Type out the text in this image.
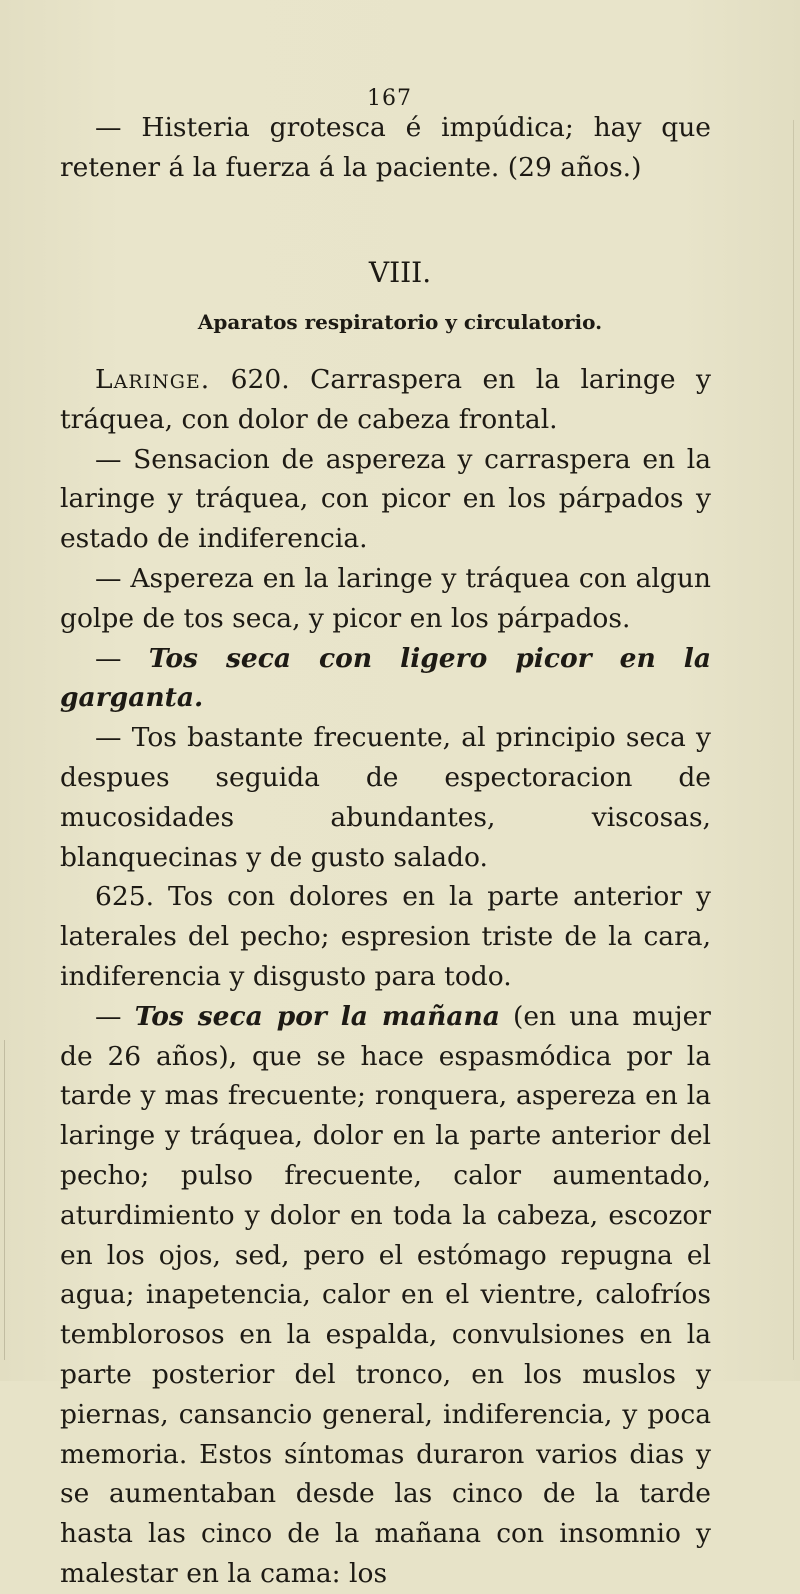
167

— Histeria grotesca é impúdica; hay que retener á la fuerza á la paciente. (29 años.)

VIII.
Aparatos respiratorio y circulatorio.

Laringe. 620. Carraspera en la laringe y tráquea, con dolor de cabeza frontal.

— Sensacion de aspereza y carraspera en la laringe y tráquea, con picor en los párpados y estado de indiferencia.

— Aspereza en la laringe y tráquea con algun golpe de tos seca, y picor en los párpados.

— Tos seca con ligero picor en la garganta.

— Tos bastante frecuente, al principio seca y despues seguida de espectoracion de mucosidades abundantes, viscosas, blanquecinas y de gusto salado.

625. Tos con dolores en la parte anterior y laterales del pecho; espresion triste de la cara, indiferencia y disgusto para todo.

— Tos seca por la mañana (en una mujer de 26 años), que se hace espasmódica por la tarde y mas frecuente; ronquera, aspereza en la laringe y tráquea, dolor en la parte anterior del pecho; pulso frecuente, calor aumentado, aturdimiento y dolor en toda la cabeza, escozor en los ojos, sed, pero el estómago repugna el agua; inapetencia, calor en el vientre, calofríos temblorosos en la espalda, convulsiones en la parte posterior del tronco, en los muslos y piernas, cansancio general, indiferencia, y poca memoria. Estos síntomas duraron varios dias y se aumentaban desde las cinco de la tarde hasta las cinco de la mañana con insomnio y malestar en la cama: los
